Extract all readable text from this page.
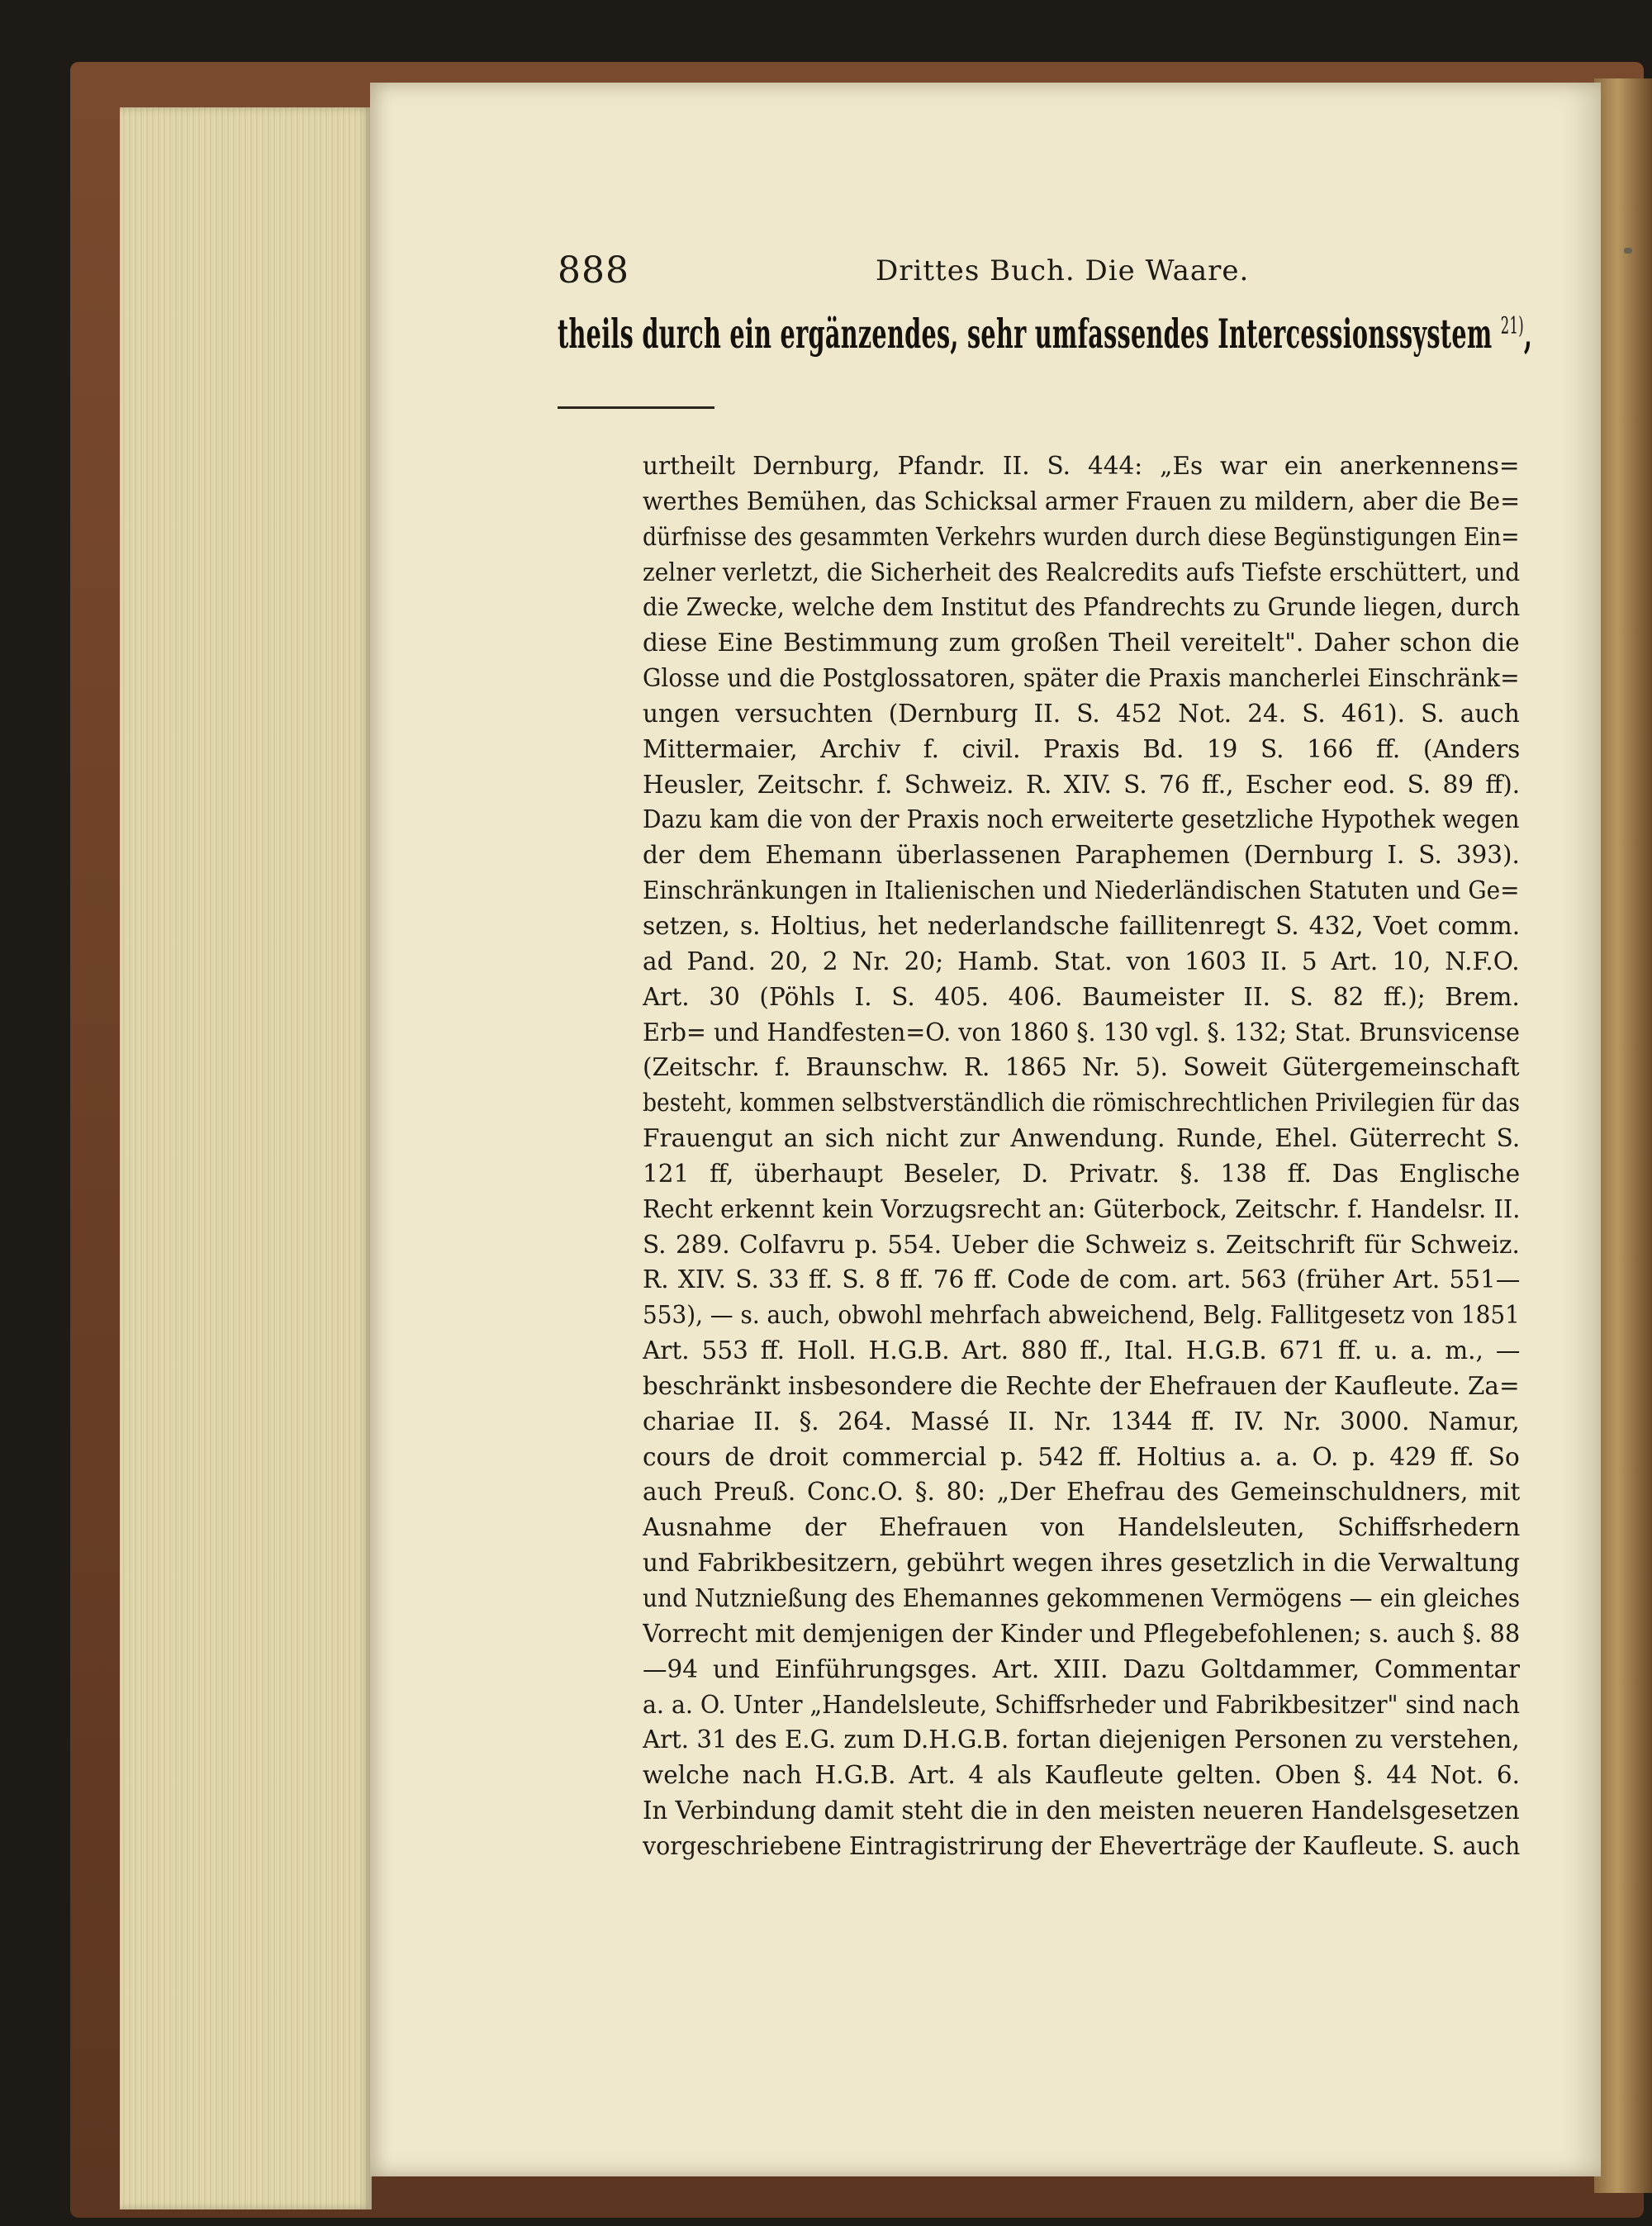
888	Drittes Buch. Die Waare.
theils durch ein ergänzendes, sehr umfassendes Intercessionssystem $^{21)}$,
urtheilt Dernburg, Pfandr. II. S. 444: „Es war ein anerkennens=
werthes Bemühen, das Schicksal armer Frauen zu mildern, aber die Be=
dürfnisse des gesammten Verkehrs wurden durch diese Begünstigungen Ein=
zelner verletzt, die Sicherheit des Realcredits aufs Tiefste erschüttert, und
die Zwecke, welche dem Institut des Pfandrechts zu Grunde liegen, durch
diese Eine Bestimmung zum großen Theil vereitelt". Daher schon die
Glosse und die Postglossatoren, später die Praxis mancherlei Einschränk=
ungen versuchten (Dernburg II. S. 452 Not. 24. S. 461). S. auch
Mittermaier, Archiv f. civil. Praxis Bd. 19 S. 166 ff. (Anders
Heusler, Zeitschr. f. Schweiz. R. XIV. S. 76 ff., Escher eod. S. 89 ff).
Dazu kam die von der Praxis noch erweiterte gesetzliche Hypothek wegen
der dem Ehemann überlassenen Paraphemen (Dernburg I. S. 393).
Einschränkungen in Italienischen und Niederländischen Statuten und Ge=
setzen, s. Holtius, het nederlandsche faillitenregt S. 432, Voet comm.
ad Pand. 20, 2 Nr. 20; Hamb. Stat. von 1603 II. 5 Art. 10, N.F.O.
Art. 30 (Pöhls I. S. 405. 406. Baumeister II. S. 82 ff.); Brem.
Erb= und Handfesten=O. von 1860 §. 130 vgl. §. 132; Stat. Brunsvicense
(Zeitschr. f. Braunschw. R. 1865 Nr. 5). Soweit Gütergemeinschaft
besteht, kommen selbstverständlich die römischrechtlichen Privilegien für das
Frauengut an sich nicht zur Anwendung. Runde, Ehel. Güterrecht S.
121 ff, überhaupt Beseler, D. Privatr. §. 138 ff. Das Englische
Recht erkennt kein Vorzugsrecht an: Güterbock, Zeitschr. f. Handelsr. II.
S. 289. Colfavru p. 554. Ueber die Schweiz s. Zeitschrift für Schweiz.
R. XIV. S. 33 ff. S. 8 ff. 76 ff. Code de com. art. 563 (früher Art. 551—
553), — s. auch, obwohl mehrfach abweichend, Belg. Fallitgesetz von 1851
Art. 553 ff. Holl. H.G.B. Art. 880 ff., Ital. H.G.B. 671 ff. u. a. m., —
beschränkt insbesondere die Rechte der Ehefrauen der Kaufleute. Za=
chariae II. §. 264. Massé II. Nr. 1344 ff. IV. Nr. 3000. Namur,
cours de droit commercial p. 542 ff. Holtius a. a. O. p. 429 ff. So
auch Preuß. Conc.O. §. 80: „Der Ehefrau des Gemeinschuldners, mit
Ausnahme der Ehefrauen von Handelsleuten, Schiffsrhedern
und Fabrikbesitzern, gebührt wegen ihres gesetzlich in die Verwaltung
und Nutznießung des Ehemannes gekommenen Vermögens — ein gleiches
Vorrecht mit demjenigen der Kinder und Pflegebefohlenen; s. auch §. 88
—94 und Einführungsges. Art. XIII. Dazu Goltdammer, Commentar
a. a. O. Unter „Handelsleute, Schiffsrheder und Fabrikbesitzer" sind nach
Art. 31 des E.G. zum D.H.G.B. fortan diejenigen Personen zu verstehen,
welche nach H.G.B. Art. 4 als Kaufleute gelten. Oben §. 44 Not. 6.
In Verbindung damit steht die in den meisten neueren Handelsgesetzen
vorgeschriebene Eintragistrirung der Eheverträge der Kaufleute. S. auch
